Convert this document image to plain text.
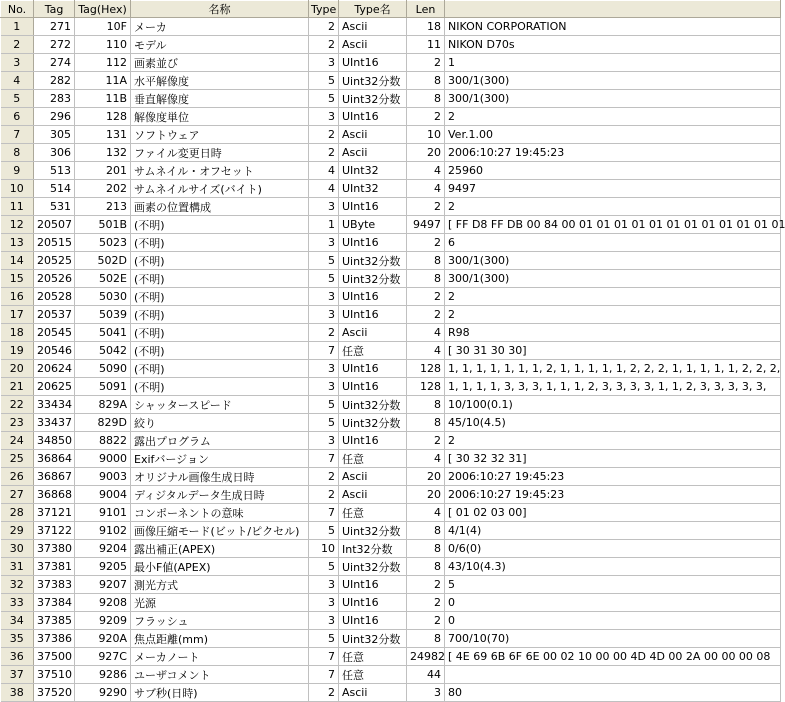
No.	Tag	Tag(Hex)	名称	Type	Type名	Len	
1	271	10F	メーカ	2	Ascii	18	NIKON CORPORATION
2	272	110	モデル	2	Ascii	11	NIKON D70s
3	274	112	画素並び	3	UInt16	2	1
4	282	11A	水平解像度	5	Uint32分数	8	300/1(300)
5	283	11B	垂直解像度	5	Uint32分数	8	300/1(300)
6	296	128	解像度単位	3	UInt16	2	2
7	305	131	ソフトウェア	2	Ascii	10	Ver.1.00
8	306	132	ファイル変更日時	2	Ascii	20	2006:10:27 19:45:23
9	513	201	サムネイル・オフセット	4	UInt32	4	25960
10	514	202	サムネイルサイズ(バイト)	4	UInt32	4	9497
11	531	213	画素の位置構成	3	UInt16	2	2
12	20507	501B	(不明)	1	UByte	9497	[ FF D8 FF DB 00 84 00 01 01 01 01 01 01 01 01 01 01 01 01
13	20515	5023	(不明)	3	UInt16	2	6
14	20525	502D	(不明)	5	Uint32分数	8	300/1(300)
15	20526	502E	(不明)	5	Uint32分数	8	300/1(300)
16	20528	5030	(不明)	3	UInt16	2	2
17	20537	5039	(不明)	3	UInt16	2	2
18	20545	5041	(不明)	2	Ascii	4	R98
19	20546	5042	(不明)	7	任意	4	[ 30 31 30 30]
20	20624	5090	(不明)	3	UInt16	128	1, 1, 1, 1, 1, 1, 1, 2, 1, 1, 1, 1, 1, 2, 2, 2, 1, 1, 1, 1, 1, 2, 2, 2,
21	20625	5091	(不明)	3	UInt16	128	1, 1, 1, 1, 3, 3, 3, 1, 1, 1, 2, 3, 3, 3, 3, 1, 1, 2, 3, 3, 3, 3, 3,
22	33434	829A	シャッタースピード	5	Uint32分数	8	10/100(0.1)
23	33437	829D	絞り	5	Uint32分数	8	45/10(4.5)
24	34850	8822	露出プログラム	3	UInt16	2	2
25	36864	9000	Exifバージョン	7	任意	4	[ 30 32 32 31]
26	36867	9003	オリジナル画像生成日時	2	Ascii	20	2006:10:27 19:45:23
27	36868	9004	ディジタルデータ生成日時	2	Ascii	20	2006:10:27 19:45:23
28	37121	9101	コンポーネントの意味	7	任意	4	[ 01 02 03 00]
29	37122	9102	画像圧縮モード(ビット/ピクセル)	5	Uint32分数	8	4/1(4)
30	37380	9204	露出補正(APEX)	10	Int32分数	8	0/6(0)
31	37381	9205	最小F値(APEX)	5	Uint32分数	8	43/10(4.3)
32	37383	9207	測光方式	3	UInt16	2	5
33	37384	9208	光源	3	UInt16	2	0
34	37385	9209	フラッシュ	3	UInt16	2	0
35	37386	920A	焦点距離(mm)	5	Uint32分数	8	700/10(70)
36	37500	927C	メーカノート	7	任意	24982	[ 4E 69 6B 6F 6E 00 02 10 00 00 4D 4D 00 2A 00 00 00 08
37	37510	9286	ユーザコメント	7	任意	44	
38	37520	9290	サブ秒(日時)	2	Ascii	3	80
